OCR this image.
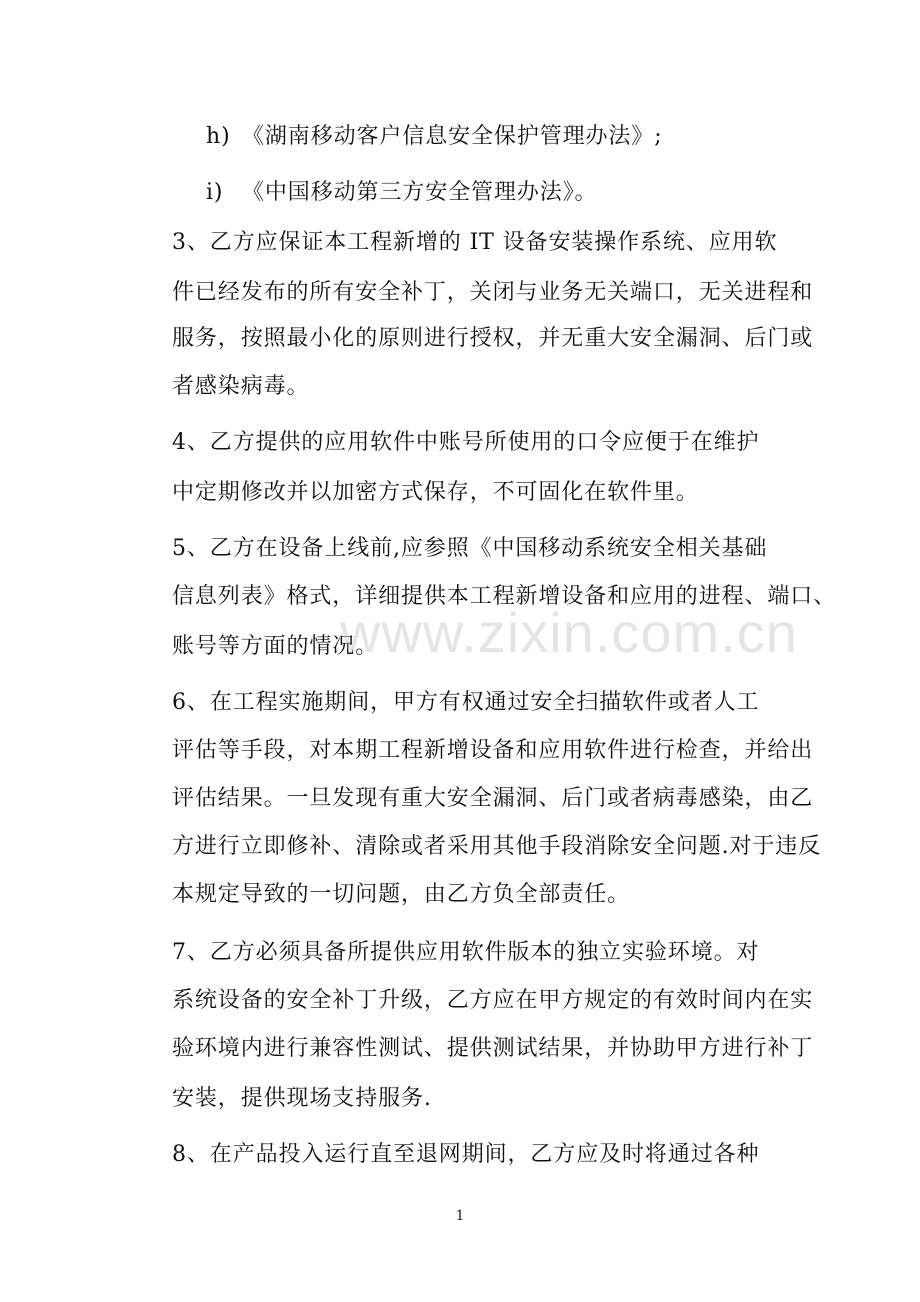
h) 《湖南移动客户信息安全保护管理办法》;
i) 《中国移动第三方安全管理办法》。
3、乙方应保证本工程新增的 IT 设备安装操作系统、应用软
件已经发布的所有安全补丁，关闭与业务无关端口，无关进程和
服务，按照最小化的原则进行授权，并无重大安全漏洞、后门或
者感染病毒。
4、乙方提供的应用软件中账号所使用的口令应便于在维护
中定期修改并以加密方式保存，不可固化在软件里。
5、乙方在设备上线前,应参照《中国移动系统安全相关基础
信息列表》格式，详细提供本工程新增设备和应用的进程、端口、
账号等方面的情况。
6、在工程实施期间，甲方有权通过安全扫描软件或者人工
评估等手段，对本期工程新增设备和应用软件进行检查，并给出
评估结果。一旦发现有重大安全漏洞、后门或者病毒感染，由乙
方进行立即修补、清除或者采用其他手段消除安全问题.对于违反
本规定导致的一切问题，由乙方负全部责任。
7、乙方必须具备所提供应用软件版本的独立实验环境。对
系统设备的安全补丁升级，乙方应在甲方规定的有效时间内在实
验环境内进行兼容性测试、提供测试结果，并协助甲方进行补丁
安装，提供现场支持服务.
8、在产品投入运行直至退网期间，乙方应及时将通过各种
www.zixin.com.cn
1
